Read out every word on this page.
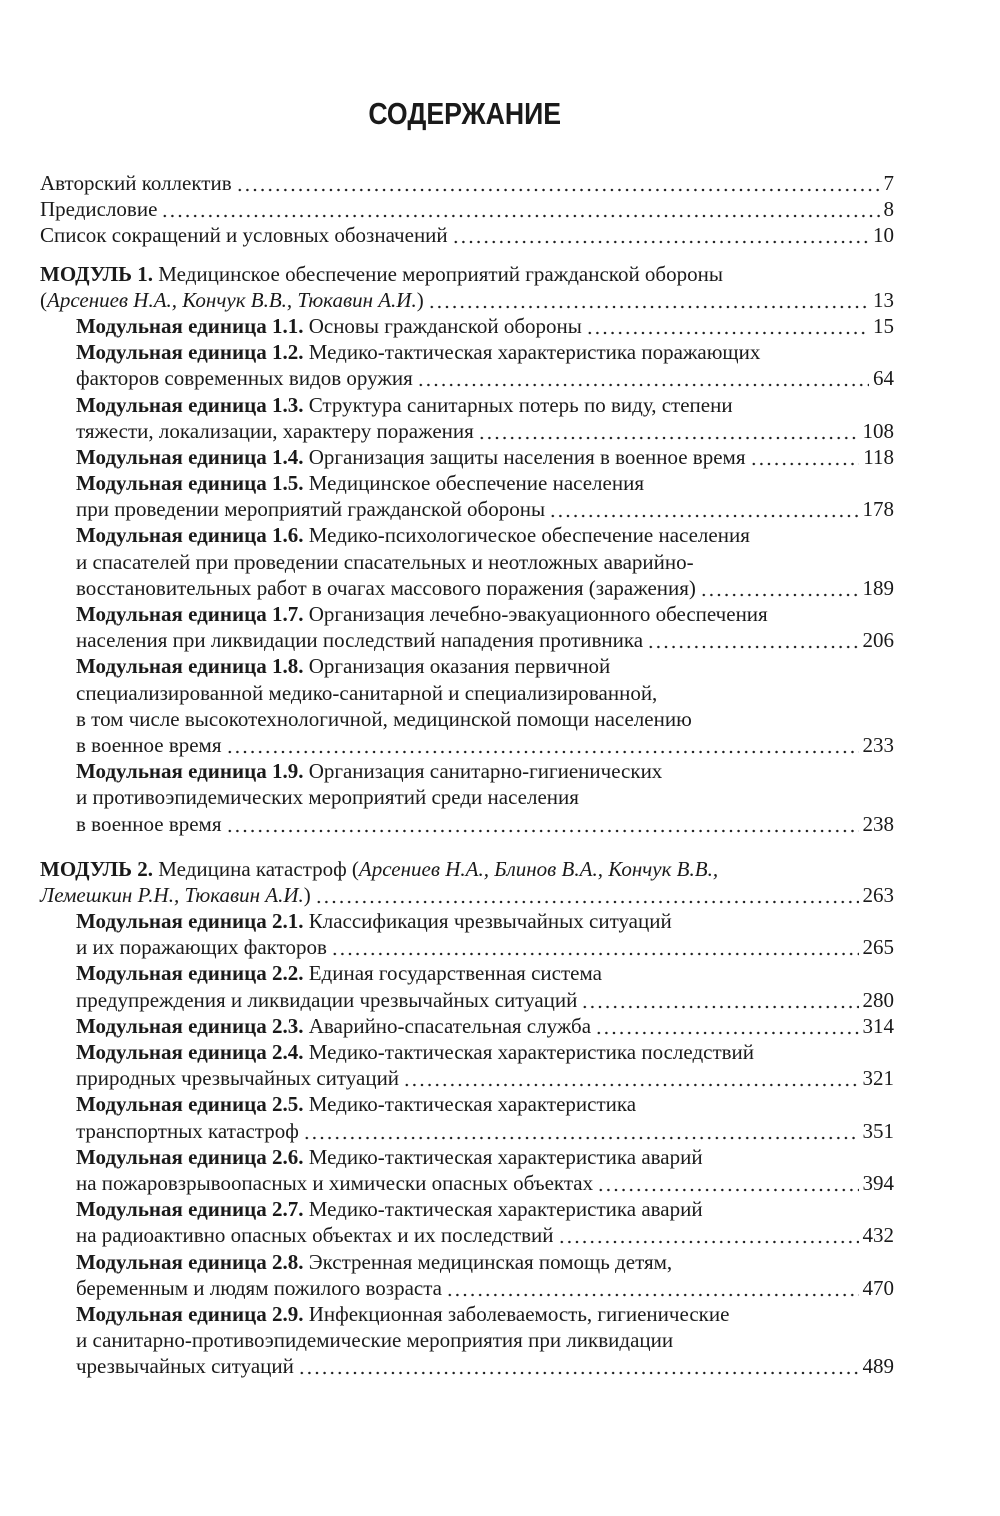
СОДЕРЖАНИЕ
Авторский коллектив	7
Предисловие	8
Список сокращений и условных обозначений	10
МОДУЛЬ 1. Медицинское обеспечение мероприятий гражданской обороны
(Арсениев Н.А., Кончук В.В., Тюкавин А.И.)	13
Модульная единица 1.1. Основы гражданской обороны	15
Модульная единица 1.2. Медико-тактическая характеристика поражающих
факторов современных видов оружия	64
Модульная единица 1.3. Структура санитарных потерь по виду, степени
тяжести, локализации, характеру поражения	108
Модульная единица 1.4. Организация защиты населения в военное время	118
Модульная единица 1.5. Медицинское обеспечение населения
при проведении мероприятий гражданской обороны	178
Модульная единица 1.6. Медико-психологическое обеспечение населения
и спасателей при проведении спасательных и неотложных аварийно-
восстановительных работ в очагах массового поражения (заражения)	189
Модульная единица 1.7. Организация лечебно-эвакуационного обеспечения
населения при ликвидации последствий нападения противника	206
Модульная единица 1.8. Организация оказания первичной
специализированной медико-санитарной и специализированной,
в том числе высокотехнологичной, медицинской помощи населению
в военное время	233
Модульная единица 1.9. Организация санитарно-гигиенических
и противоэпидемических мероприятий среди населения
в военное время	238
МОДУЛЬ 2. Медицина катастроф (Арсениев Н.А., Блинов В.А., Кончук В.В.,
Лемешкин Р.Н., Тюкавин А.И.)	263
Модульная единица 2.1. Классификация чрезвычайных ситуаций
и их поражающих факторов	265
Модульная единица 2.2. Единая государственная система
предупреждения и ликвидации чрезвычайных ситуаций	280
Модульная единица 2.3. Аварийно-спасательная служба	314
Модульная единица 2.4. Медико-тактическая характеристика последствий
природных чрезвычайных ситуаций	321
Модульная единица 2.5. Медико-тактическая характеристика
транспортных катастроф	351
Модульная единица 2.6. Медико-тактическая характеристика аварий
на пожаровзрывоопасных и химически опасных объектах	394
Модульная единица 2.7. Медико-тактическая характеристика аварий
на радиоактивно опасных объектах и их последствий	432
Модульная единица 2.8. Экстренная медицинская помощь детям,
беременным и людям пожилого возраста	470
Модульная единица 2.9. Инфекционная заболеваемость, гигиенические
и санитарно-противоэпидемические мероприятия при ликвидации
чрезвычайных ситуаций	489
